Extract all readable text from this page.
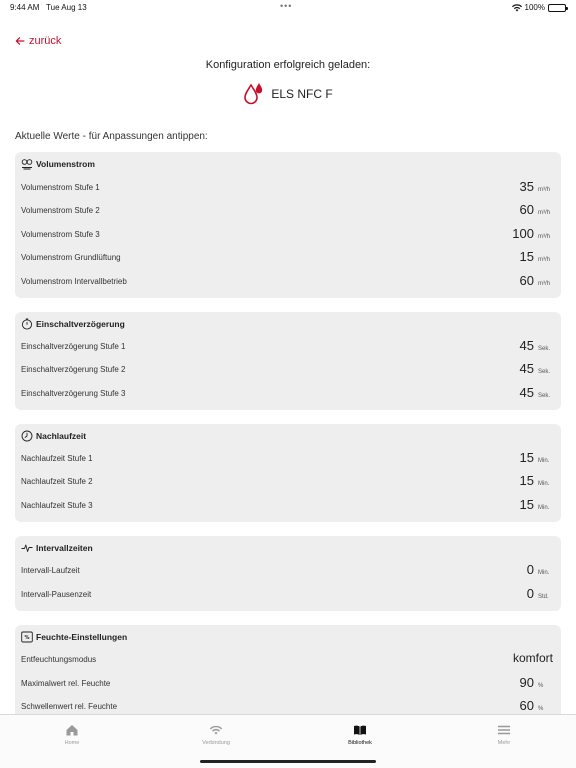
9:44 AM Tue Aug 13	•••	100%
zurück
Konfiguration erfolgreich geladen:
ELS NFC F
Aktuelle Werte - für Anpassungen antippen:
Volumenstrom
Volumenstrom Stufe 1	35 m³/h
Volumenstrom Stufe 2	60 m³/h
Volumenstrom Stufe 3	100 m³/h
Volumenstrom Grundlüftung	15 m³/h
Volumenstrom Intervallbetrieb	60 m³/h
Einschaltverzögerung
Einschaltverzögerung Stufe 1	45 Sek.
Einschaltverzögerung Stufe 2	45 Sek.
Einschaltverzögerung Stufe 3	45 Sek.
Nachlaufzeit
Nachlaufzeit Stufe 1	15 Min.
Nachlaufzeit Stufe 2	15 Min.
Nachlaufzeit Stufe 3	15 Min.
Intervallzeiten
Intervall-Laufzeit	0 Min.
Intervall-Pausenzeit	0 Std.
% Feuchte-Einstellungen
Entfeuchtungsmodus	komfort
Maximalwert rel. Feuchte	90 %
Schwellenwert rel. Feuchte	60 %
Home	Verbindung	Bibliothek	Mehr
